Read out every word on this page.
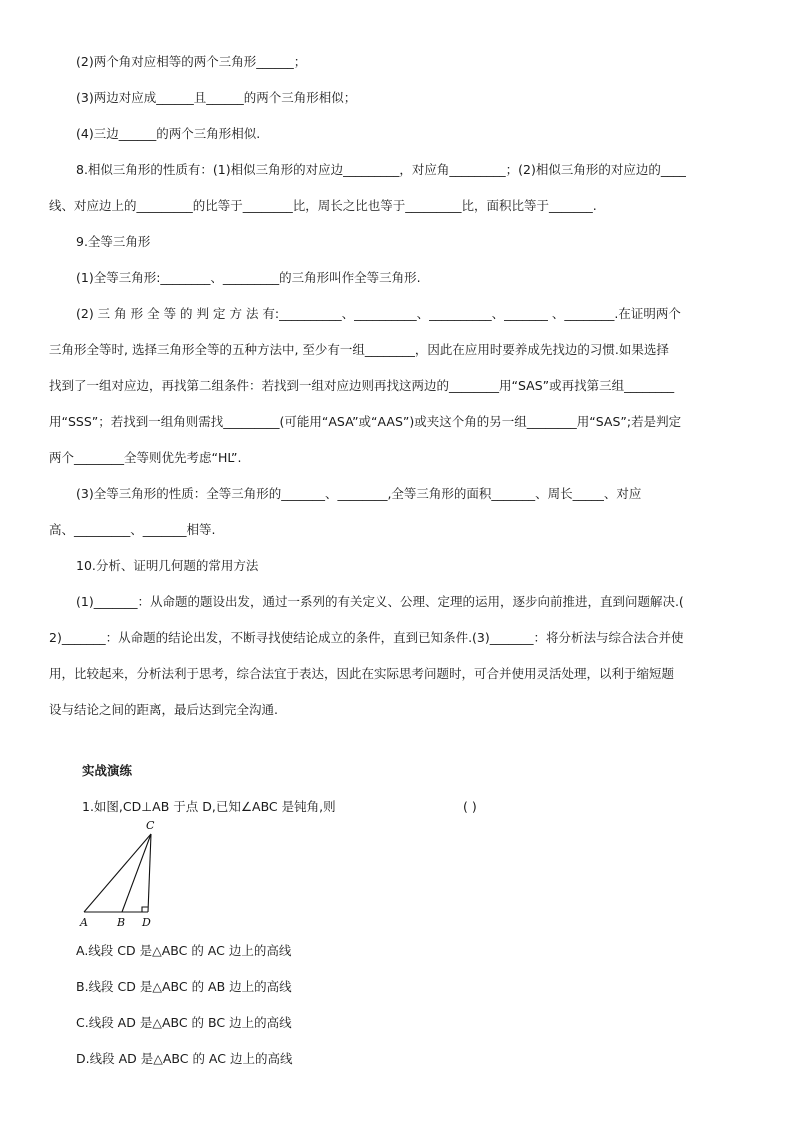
(2)两个角对应相等的两个三角形______；
(3)两边对应成______且______的两个三角形相似；
(4)三边______的两个三角形相似.
8.相似三角形的性质有：(1)相似三角形的对应边_________，对应角_________；(2)相似三角形的对应边的____
线、对应边上的_________的比等于________比，周长之比也等于_________比，面积比等于_______.
9.全等三角形
(1)全等三角形:________、_________的三角形叫作全等三角形.
(2) 三 角 形 全 等 的 判 定 方 法 有:__________、__________、__________、_______ 、________.在证明两个
三角形全等时, 选择三角形全等的五种方法中, 至少有一组________，因此在应用时要养成先找边的习惯.如果选择
找到了一组对应边，再找第二组条件：若找到一组对应边则再找这两边的________用“SAS”或再找第三组________
用“SSS”；若找到一组角则需找_________(可能用“ASA”或“AAS”)或夹这个角的另一组________用“SAS”;若是判定
两个________全等则优先考虑“HL”.
(3)全等三角形的性质：全等三角形的_______、________,全等三角形的面积_______、周长_____、对应
高、_________、_______相等.
10.分析、证明几何题的常用方法
(1)_______：从命题的题设出发，通过一系列的有关定义、公理、定理的运用，逐步向前推进，直到问题解决.(
2)_______：从命题的结论出发，不断寻找使结论成立的条件，直到已知条件.(3)_______：将分析法与综合法合并使
用，比较起来，分析法利于思考，综合法宜于表达，因此在实际思考问题时，可合并使用灵活处理，以利于缩短题
设与结论之间的距离，最后达到完全沟通.
实战演练
1.如图,CD⊥AB 于点 D,已知∠ABC 是钝角,则	( )
C
A	B D
A.线段 CD 是△ABC 的 AC 边上的高线
B.线段 CD 是△ABC 的 AB 边上的高线
C.线段 AD 是△ABC 的 BC 边上的高线
D.线段 AD 是△ABC 的 AC 边上的高线
